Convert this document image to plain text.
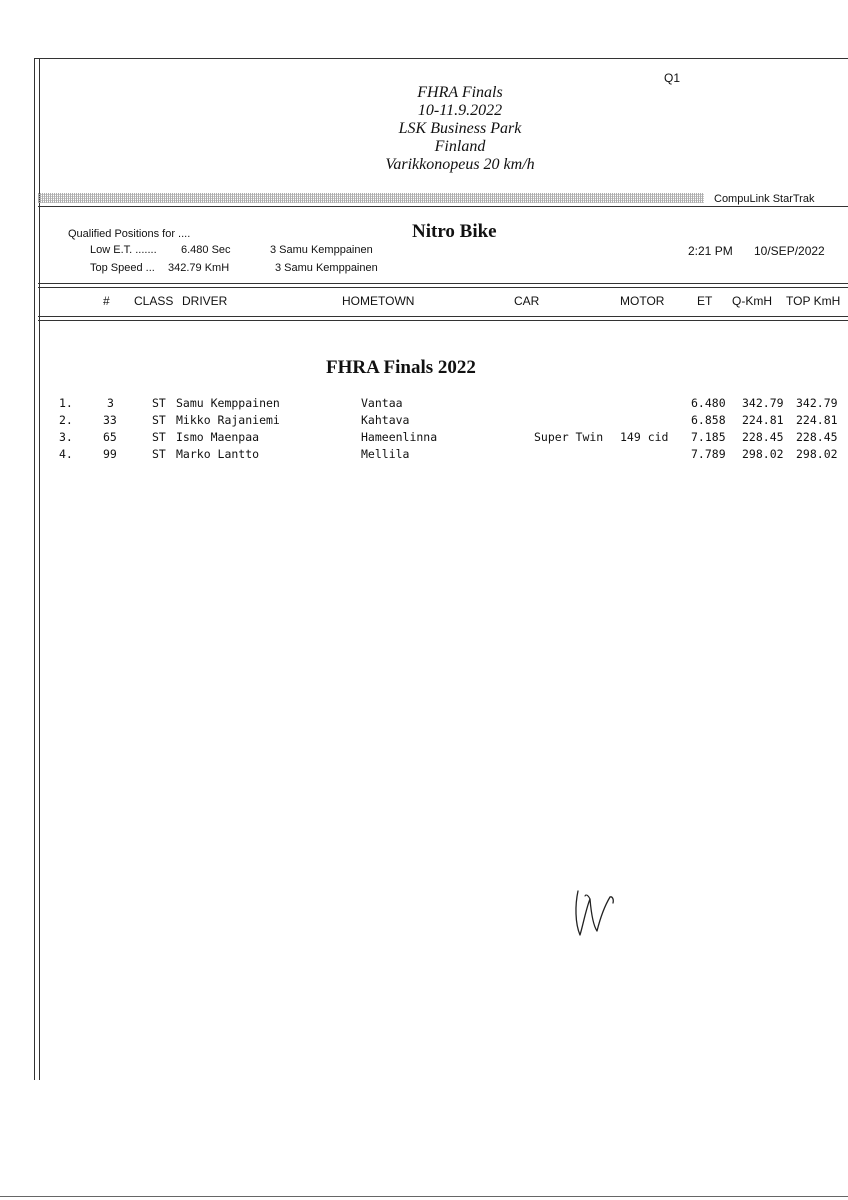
Q1
FHRA Finals
10-11.9.2022
LSK Business Park
Finland
Varikkonopeus 20 km/h
CompuLink StarTrak
Qualified Positions for ....
Low E.T. ....... 6.480 Sec	3 Samu Kemppainen
Top Speed ... 342.79 KmH	3 Samu Kemppainen
Nitro Bike
2:21 PM 10/SEP/2022
# CLASS DRIVER	HOMETOWN	CAR	MOTOR	ET Q-KmH TOP KmH
FHRA Finals 2022
1.	3	ST Samu Kemppainen	Vantaa	6.480 342.79 342.79
2.	33	ST Mikko Rajaniemi	Kahtava	6.858 224.81 224.81
3.	65	ST Ismo Maenpaa	Hameenlinna	Super Twin 149 cid 7.185 228.45 228.45
4.	99	ST Marko Lantto	Mellila	7.789 298.02 298.02
